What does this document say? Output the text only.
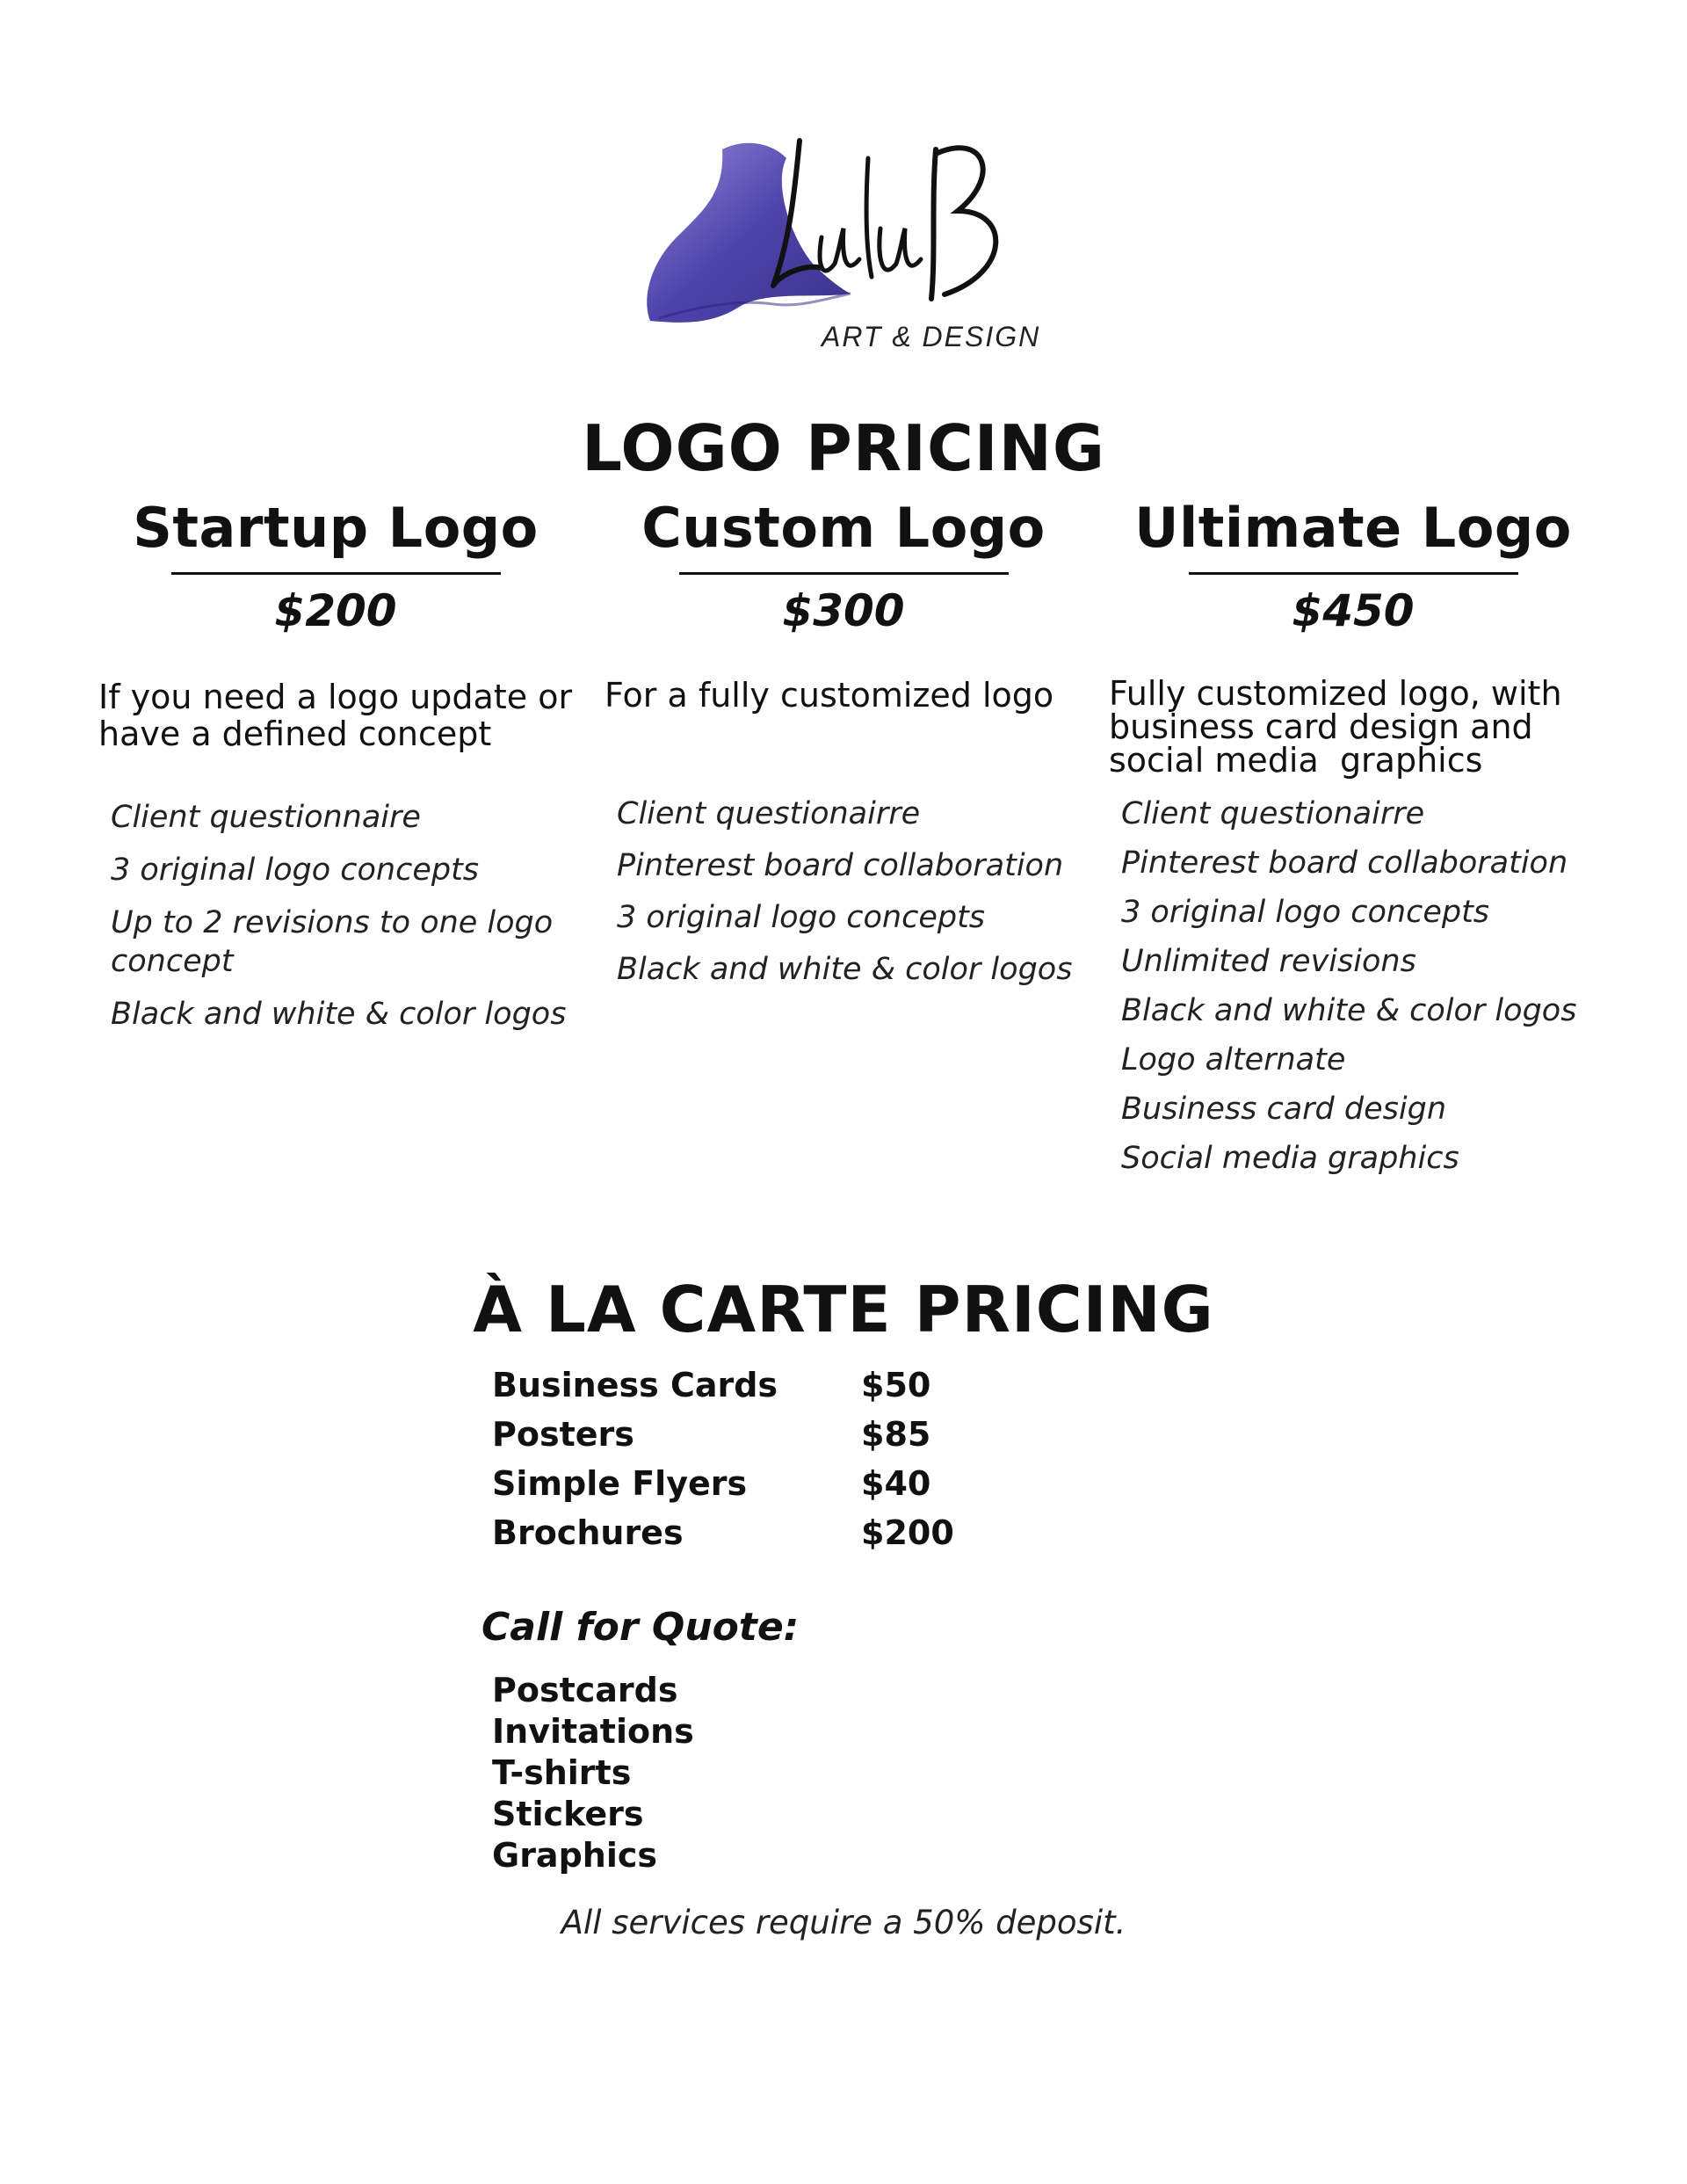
ART & DESIGN
LOGO PRICING
Startup Logo
$200
If you need a logo update or
have a defined concept
Client questionnaire
3 original logo concepts
Up to 2 revisions to one logo
concept
Black and white & color logos
Custom Logo
$300
For a fully customized logo
Client questionairre
Pinterest board collaboration
3 original logo concepts
Black and white & color logos
Ultimate Logo
$450
Fully customized logo, with
business card design and
social media  graphics
Client questionairre
Pinterest board collaboration
3 original logo concepts
Unlimited revisions
Black and white & color logos
Logo alternate
Business card design
Social media graphics
À LA CARTE PRICING
Business Cards	$50
Posters	$85
Simple Flyers	$40
Brochures	$200
Call for Quote:
Postcards
Invitations
T-shirts
Stickers
Graphics
All services require a 50% deposit.
